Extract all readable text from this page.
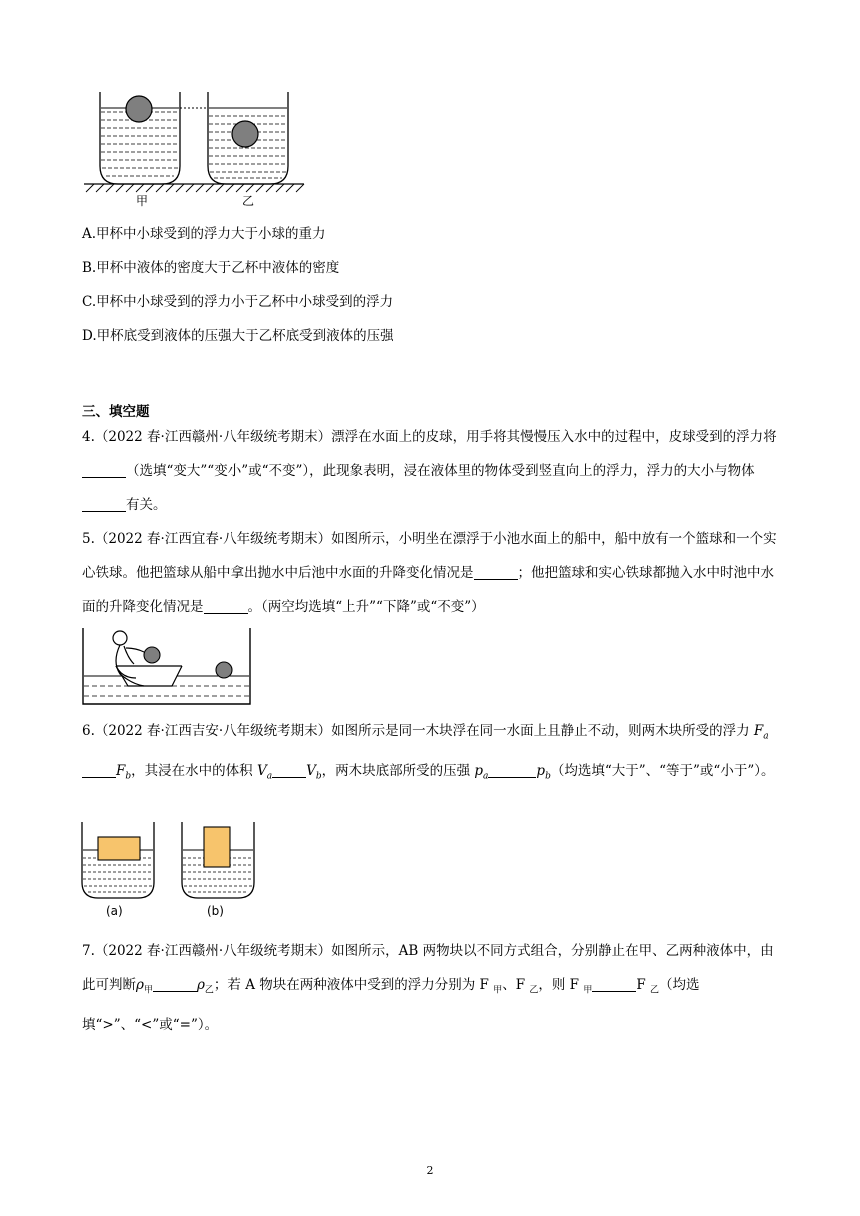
甲	乙
A.甲杯中小球受到的浮力大于小球的重力
B.甲杯中液体的密度大于乙杯中液体的密度
C.甲杯中小球受到的浮力小于乙杯中小球受到的浮力
D.甲杯底受到液体的压强大于乙杯底受到液体的压强
三、填空题
4.（2022 春·江西赣州·八年级统考期末）漂浮在水面上的皮球，用手将其慢慢压入水中的过程中，皮球受到的浮力将（选填“变大”“变小”或“不变”），此现象表明，浸在液体里的物体受到竖直向上的浮力，浮力的大小与物体有关。
5.（2022 春·江西宜春·八年级统考期末）如图所示，小明坐在漂浮于小池水面上的船中，船中放有一个篮球和一个实心铁球。他把篮球从船中拿出抛水中后池中水面的升降变化情况是	；他把篮球和实心铁球都抛入水中时池中水面的升降变化情况是	。（两空均选填“上升”“下降”或“不变”）
6.（2022 春·江西吉安·八年级统考期末）如图所示是同一木块浮在同一水面上且静止不动，则两木块所受的浮力 $F_aF_b$，其浸在水中的体积 $V_a$	$V_b$，两木块底部所受的压强 $p_a$	$p_b$（均选填“大于”、“等于”或“小于”）。
(a)	(b)
7.（2022 春·江西赣州·八年级统考期末）如图所示，AB 两物块以不同方式组合，分别静止在甲、乙两种液体中，由此可判断$\rho_甲$	$\rho_乙$；若 A 物块在两种液体中受到的浮力分别为 F $_甲$、F $_乙$，则 F $_甲$	F $_乙$（均选填“>”、“<”或“=”）。
2
